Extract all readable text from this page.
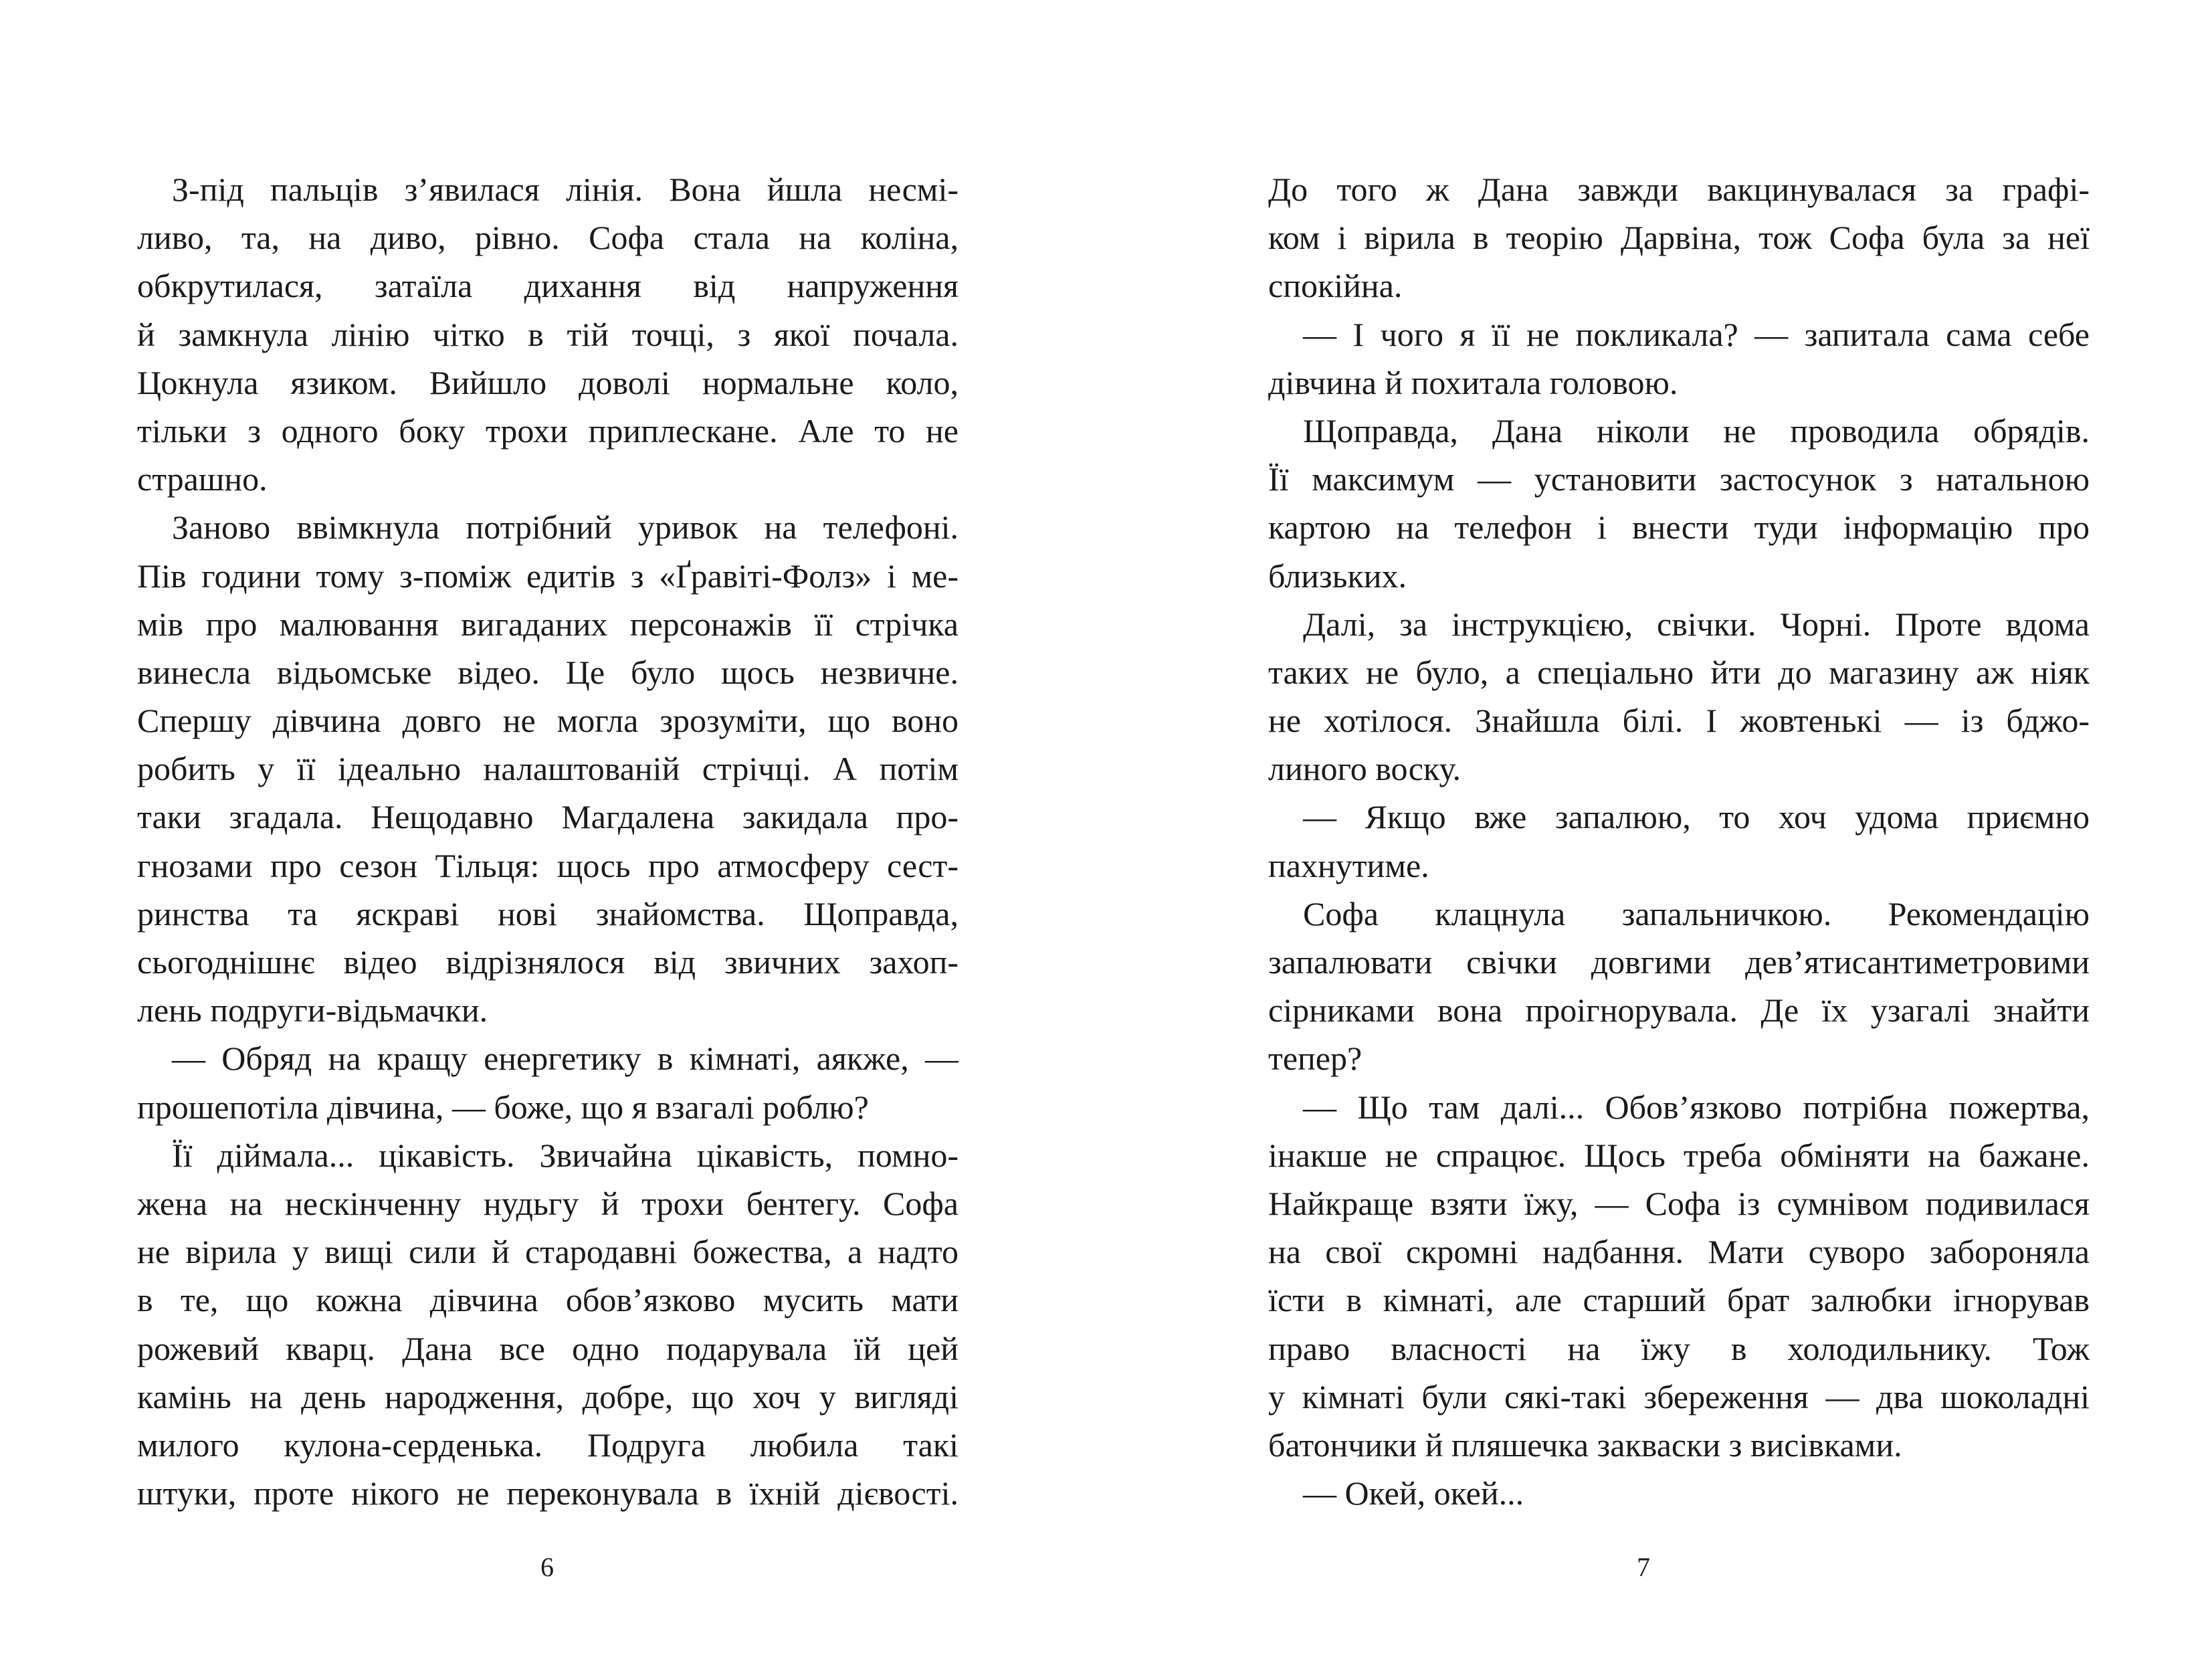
З-під пальців з’явилася лінія. Вона йшла несмі-
ливо, та, на диво, рівно. Софа стала на коліна,
обкрутилася, затаїла дихання від напруження
й замкнула лінію чітко в тій точці, з якої почала.
Цокнула язиком. Вийшло доволі нормальне коло,
тільки з одного боку трохи приплескане. Але то не
страшно.
Заново ввімкнула потрібний уривок на телефоні.
Пів години тому з-поміж едитів з «Ґравіті-Фолз» і ме-
мів про малювання вигаданих персонажів її стрічка
винесла відьомське відео. Це було щось незвичне.
Спершу дівчина довго не могла зрозуміти, що воно
робить у її ідеально налаштованій стрічці. А потім
таки згадала. Нещодавно Магдалена закидала про-
гнозами про сезон Тільця: щось про атмосферу сест-
ринства та яскраві нові знайомства. Щоправда,
сьогоднішнє відео відрізнялося від звичних захоп-
лень подруги-відьмачки.
— Обряд на кращу енергетику в кімнаті, аякже, —
прошепотіла дівчина, — боже, що я взагалі роблю?
Її діймала... цікавість. Звичайна цікавість, помно-
жена на нескінченну нудьгу й трохи бентегу. Софа
не вірила у вищі сили й стародавні божества, а надто
в те, що кожна дівчина обов’язково мусить мати
рожевий кварц. Дана все одно подарувала їй цей
камінь на день народження, добре, що хоч у вигляді
милого кулона-серденька. Подруга любила такі
штуки, проте нікого не переконувала в їхній дієвості.
6
До того ж Дана завжди вакцинувалася за графі-
ком і вірила в теорію Дарвіна, тож Софа була за неї
спокійна.
— І чого я її не покликала? — запитала сама себе
дівчина й похитала головою.
Щоправда, Дана ніколи не проводила обрядів.
Її максимум — установити застосунок з натальною
картою на телефон і внести туди інформацію про
близьких.
Далі, за інструкцією, свічки. Чорні. Проте вдома
таких не було, а спеціально йти до магазину аж ніяк
не хотілося. Знайшла білі. І жовтенькі — із бджо-
линого воску.
— Якщо вже запалюю, то хоч удома приємно
пахнутиме.
Софа клацнула запальничкою. Рекомендацію
запалювати свічки довгими дев’ятисантиметровими
сірниками вона проігнорувала. Де їх узагалі знайти
тепер?
— Що там далі... Обов’язково потрібна пожертва,
інакше не спрацює. Щось треба обміняти на бажане.
Найкраще взяти їжу, — Софа із сумнівом подивилася
на свої скромні надбання. Мати суворо забороняла
їсти в кімнаті, але старший брат залюбки ігнорував
право власності на їжу в холодильнику. Тож
у кімнаті були сякі-такі збереження — два шоколадні
батончики й пляшечка закваски з висівками.
— Окей, окей...
7
